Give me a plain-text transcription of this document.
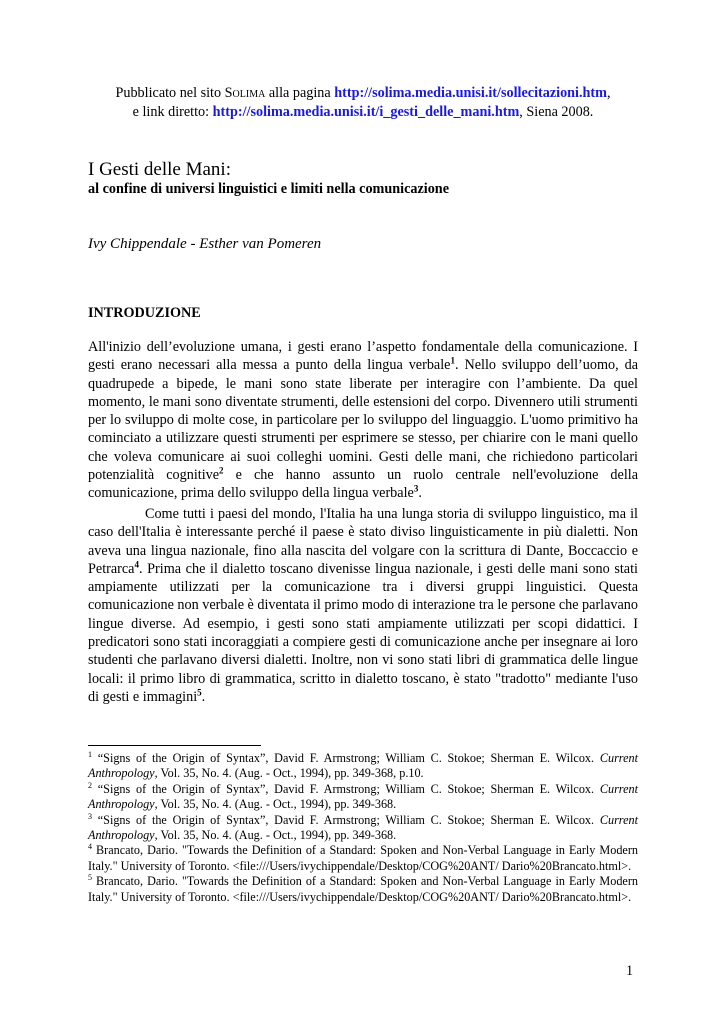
Pubblicato nel sito Solima alla pagina http://solima.media.unisi.it/sollecitazioni.htm,
e link diretto: http://solima.media.unisi.it/i_gesti_delle_mani.htm, Siena 2008.
I Gesti delle Mani:
al confine di universi linguistici e limiti nella comunicazione

Ivy Chippendale - Esther van Pomeren

INTRODUZIONE

All'inizio dell’evoluzione umana, i gesti erano l’aspetto fondamentale della comunicazione. I gesti erano necessari alla messa a punto della lingua verbale$^1$. Nello sviluppo dell’uomo, da quadrupede a bipede, le mani sono state liberate per interagire con l’ambiente. Da quel momento, le mani sono diventate strumenti, delle estensioni del corpo. Divennero utili strumenti per lo sviluppo di molte cose, in particolare per lo sviluppo del linguaggio. L'uomo primitivo ha cominciato a utilizzare questi strumenti per esprimere se stesso, per chiarire con le mani quello che voleva comunicare ai suoi colleghi uomini. Gesti delle mani, che richiedono particolari potenzialità cognitive$^2$ e che hanno assunto un ruolo centrale nell'evoluzione della comunicazione, prima dello sviluppo della lingua verbale$^3$.

Come tutti i paesi del mondo, l'Italia ha una lunga storia di sviluppo linguistico, ma il caso dell'Italia è interessante perché il paese è stato diviso linguisticamente in più dialetti. Non aveva una lingua nazionale, fino alla nascita del volgare con la scrittura di Dante, Boccaccio e Petrarca$^4$. Prima che il dialetto toscano divenisse lingua nazionale, i gesti delle mani sono stati ampiamente utilizzati per la comunicazione tra i diversi gruppi linguistici. Questa comunicazione non verbale è diventata il primo modo di interazione tra le persone che parlavano lingue diverse. Ad esempio, i gesti sono stati ampiamente utilizzati per scopi didattici. I predicatori sono stati incoraggiati a compiere gesti di comunicazione anche per insegnare ai loro studenti che parlavano diversi dialetti. Inoltre, non vi sono stati libri di grammatica delle lingue locali: il primo libro di grammatica, scritto in dialetto toscano, è stato "tradotto" mediante l'uso di gesti e immagini$^5$.

$^1$ “Signs of the Origin of Syntax”, David F. Armstrong; William C. Stokoe; Sherman E. Wilcox. Current Anthropology, Vol. 35, No. 4. (Aug. - Oct., 1994), pp. 349-368, p.10.

$^2$ “Signs of the Origin of Syntax”, David F. Armstrong; William C. Stokoe; Sherman E. Wilcox. Current Anthropology, Vol. 35, No. 4. (Aug. - Oct., 1994), pp. 349-368.

$^3$ “Signs of the Origin of Syntax”, David F. Armstrong; William C. Stokoe; Sherman E. Wilcox. Current Anthropology, Vol. 35, No. 4. (Aug. - Oct., 1994), pp. 349-368.

$^4$ Brancato, Dario. "Towards the Definition of a Standard: Spoken and Non-Verbal Language in Early Modern Italy." University of Toronto. <file:///Users/ivychippendale/Desktop/COG%20ANT/ Dario%20Brancato.html>.

$^5$ Brancato, Dario. "Towards the Definition of a Standard: Spoken and Non-Verbal Language in Early Modern Italy." University of Toronto. <file:///Users/ivychippendale/Desktop/COG%20ANT/ Dario%20Brancato.html>.

1
